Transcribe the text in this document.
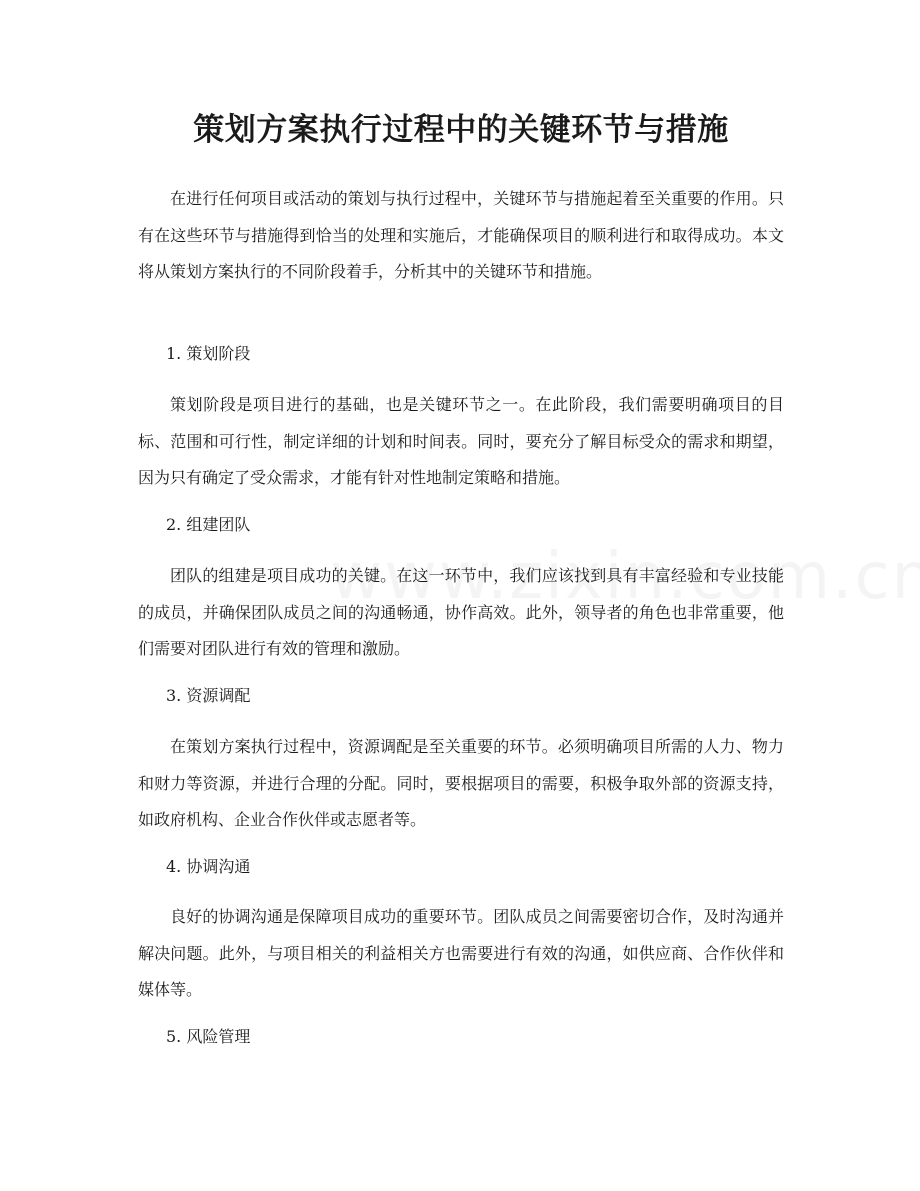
策划方案执行过程中的关键环节与措施

在进行任何项目或活动的策划与执行过程中，关键环节与措施起着至关重要的作用。只有在这些环节与措施得到恰当的处理和实施后，才能确保项目的顺利进行和取得成功。本文将从策划方案执行的不同阶段着手，分析其中的关键环节和措施。

1. 策划阶段

策划阶段是项目进行的基础，也是关键环节之一。在此阶段，我们需要明确项目的目标、范围和可行性，制定详细的计划和时间表。同时，要充分了解目标受众的需求和期望，因为只有确定了受众需求，才能有针对性地制定策略和措施。

2. 组建团队

团队的组建是项目成功的关键。在这一环节中，我们应该找到具有丰富经验和专业技能的成员，并确保团队成员之间的沟通畅通，协作高效。此外，领导者的角色也非常重要，他们需要对团队进行有效的管理和激励。

3. 资源调配

在策划方案执行过程中，资源调配是至关重要的环节。必须明确项目所需的人力、物力和财力等资源，并进行合理的分配。同时，要根据项目的需要，积极争取外部的资源支持，如政府机构、企业合作伙伴或志愿者等。

4. 协调沟通

良好的协调沟通是保障项目成功的重要环节。团队成员之间需要密切合作，及时沟通并解决问题。此外，与项目相关的利益相关方也需要进行有效的沟通，如供应商、合作伙伴和媒体等。

5. 风险管理
